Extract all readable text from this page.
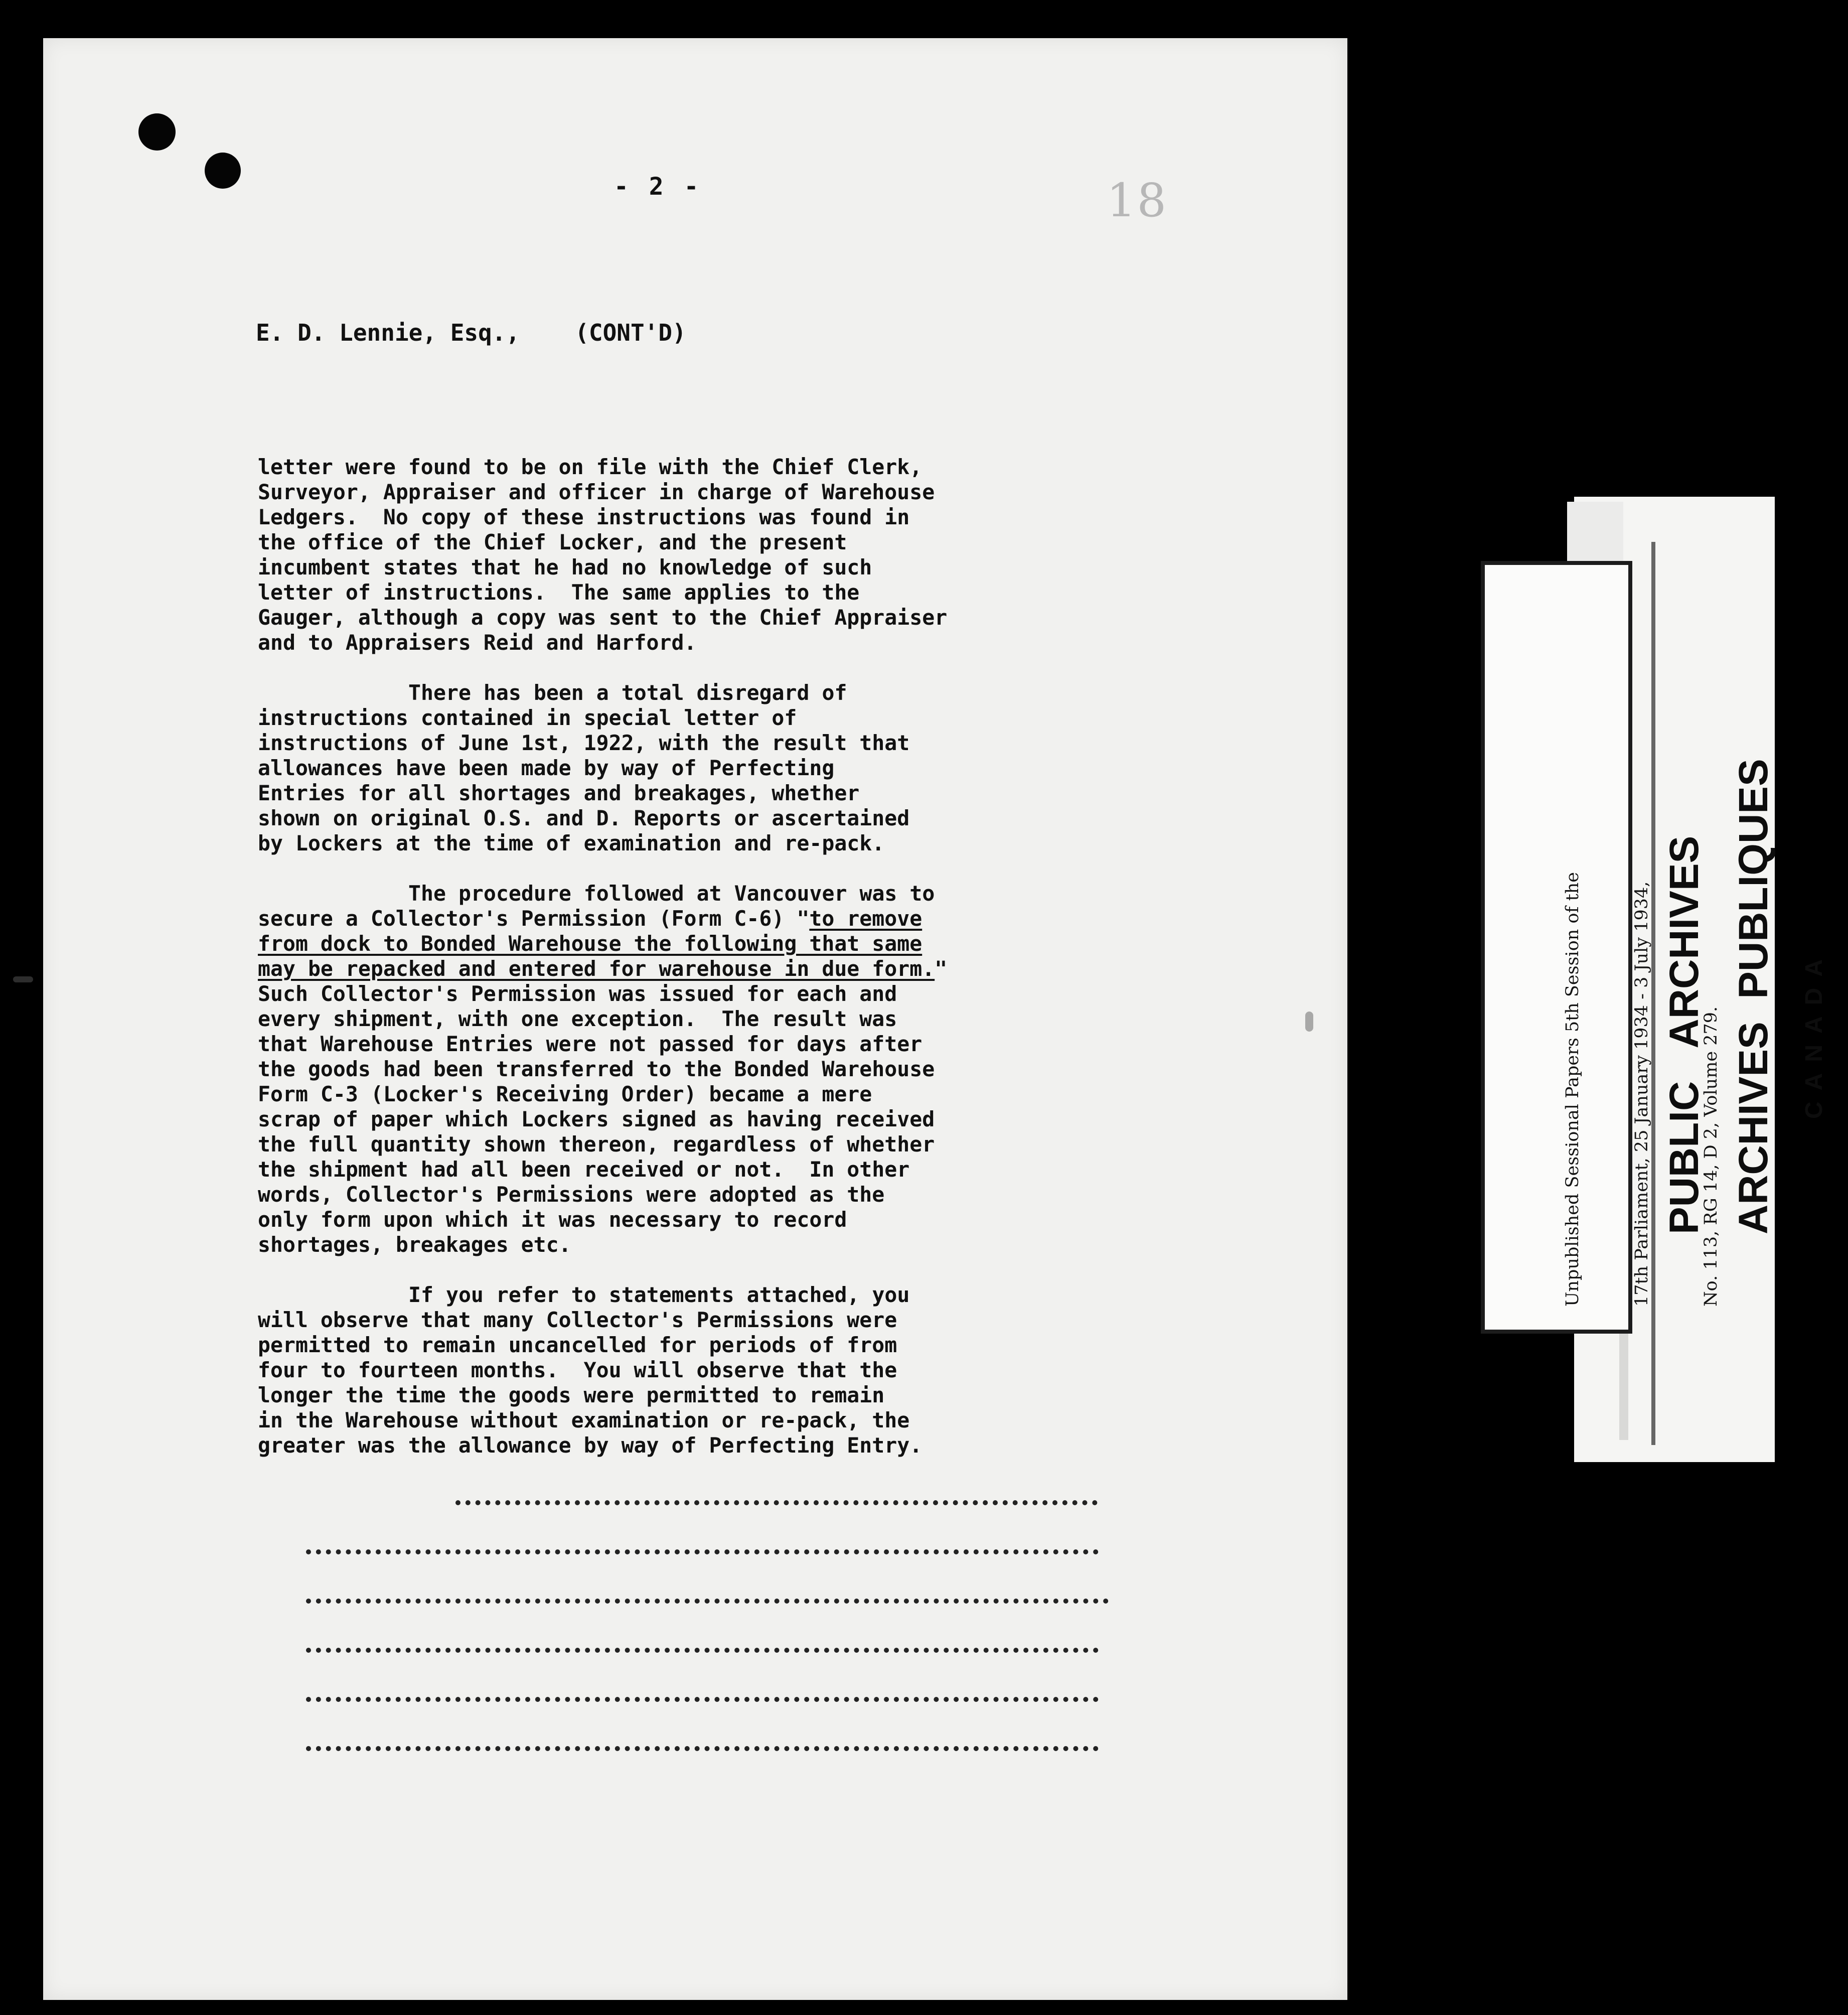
- 2 -	18
E. D. Lennie, Esq., (CONT'D)
letter were found to be on file with the Chief Clerk,
Surveyor, Appraiser and officer in charge of Warehouse
Ledgers.  No copy of these instructions was found in
the office of the Chief Locker, and the present
incumbent states that he had no knowledge of such
letter of instructions.  The same applies to the
Gauger, although a copy was sent to the Chief Appraiser
and to Appraisers Reid and Harford.
There has been a total disregard of
instructions contained in special letter of
instructions of June 1st, 1922, with the result that
allowances have been made by way of Perfecting
Entries for all shortages and breakages, whether
shown on original O.S. and D. Reports or ascertained
by Lockers at the time of examination and re-pack.
The procedure followed at Vancouver was to
secure a Collector's Permission (Form C-6) "to remove
from dock to Bonded Warehouse the following that same
may be repacked and entered for warehouse in due form."
Such Collector's Permission was issued for each and
every shipment, with one exception.  The result was
that Warehouse Entries were not passed for days after
the goods had been transferred to the Bonded Warehouse
Form C-3 (Locker's Receiving Order) became a mere
scrap of paper which Lockers signed as having received
the full quantity shown thereon, regardless of whether
the shipment had all been received or not.  In other
words, Collector's Permissions were adopted as the
only form upon which it was necessary to record
shortages, breakages etc.
If you refer to statements attached, you
will observe that many Collector's Permissions were
permitted to remain uncancelled for periods of from
four to fourteen months.  You will observe that the
longer the time the goods were permitted to remain
in the Warehouse without examination or re-pack, the
greater was the allowance by way of Perfecting Entry.

Unpublished Sessional Papers 5th Session of the

	17th Parliament, 25 January 1934 - 3 July 1934,

	No. 113, RG 14, D 2, Volume 279.

PUBLIC   ARCHIVES

ARCHIVES  PUBLIQUES

CANADA
